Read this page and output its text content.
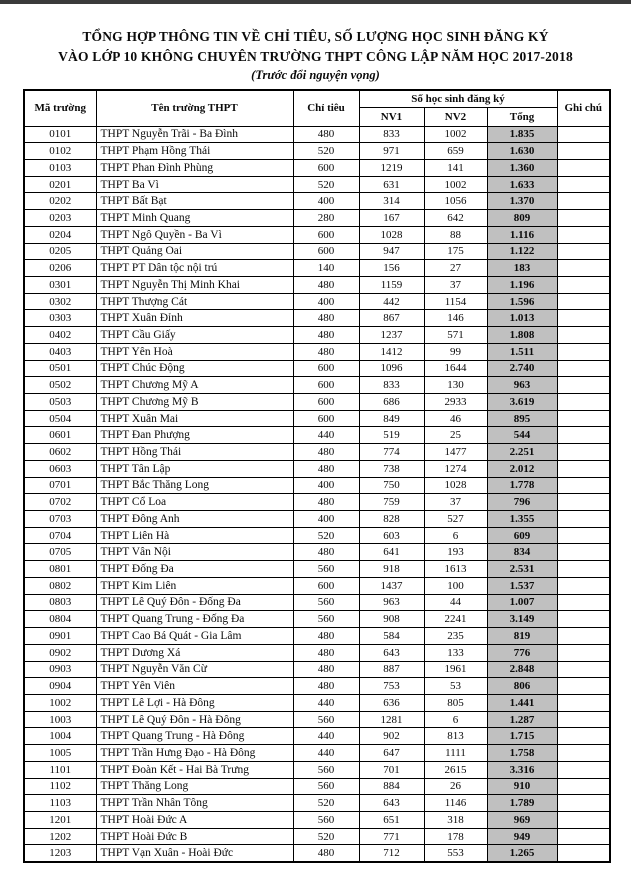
TỔNG HỢP THÔNG TIN VỀ CHỈ TIÊU, SỐ LƯỢNG HỌC SINH ĐĂNG KÝ
VÀO LỚP 10 KHÔNG CHUYÊN TRƯỜNG THPT CÔNG LẬP NĂM HỌC 2017-2018
(Trước đổi nguyện vọng)
Mã trường	Tên trường THPT	Chỉ tiêu	Số học sinh đăng ký			Ghi chú
			NV1	NV2	Tổng	
0101	THPT Nguyễn Trãi - Ba Đình	480	833	1002	1.835	
0102	THPT Phạm Hồng Thái	520	971	659	1.630	
0103	THPT Phan Đình Phùng	600	1219	141	1.360	
0201	THPT Ba Vì	520	631	1002	1.633	
0202	THPT Bất Bạt	400	314	1056	1.370	
0203	THPT Minh Quang	280	167	642	809	
0204	THPT Ngô Quyền - Ba Vì	600	1028	88	1.116	
0205	THPT Quảng Oai	600	947	175	1.122	
0206	THPT PT Dân tộc nội trú	140	156	27	183	
0301	THPT Nguyễn Thị Minh Khai	480	1159	37	1.196	
0302	THPT Thượng Cát	400	442	1154	1.596	
0303	THPT Xuân Đỉnh	480	867	146	1.013	
0402	THPT Cầu Giấy	480	1237	571	1.808	
0403	THPT Yên Hoà	480	1412	99	1.511	
0501	THPT Chúc Động	600	1096	1644	2.740	
0502	THPT Chương Mỹ A	600	833	130	963	
0503	THPT Chương Mỹ B	600	686	2933	3.619	
0504	THPT Xuân Mai	600	849	46	895	
0601	THPT Đan Phượng	440	519	25	544	
0602	THPT Hồng Thái	480	774	1477	2.251	
0603	THPT Tân Lập	480	738	1274	2.012	
0701	THPT Bắc Thăng Long	400	750	1028	1.778	
0702	THPT Cổ Loa	480	759	37	796	
0703	THPT Đông Anh	400	828	527	1.355	
0704	THPT Liên Hà	520	603	6	609	
0705	THPT Vân Nội	480	641	193	834	
0801	THPT Đống Đa	560	918	1613	2.531	
0802	THPT Kim Liên	600	1437	100	1.537	
0803	THPT Lê Quý Đôn - Đống Đa	560	963	44	1.007	
0804	THPT Quang Trung - Đống Đa	560	908	2241	3.149	
0901	THPT Cao Bá Quát - Gia Lâm	480	584	235	819	
0902	THPT Dương Xá	480	643	133	776	
0903	THPT Nguyễn Văn Cừ	480	887	1961	2.848	
0904	THPT Yên Viên	480	753	53	806	
1002	THPT Lê Lợi - Hà Đông	440	636	805	1.441	
1003	THPT Lê Quý Đôn - Hà Đông	560	1281	6	1.287	
1004	THPT Quang Trung - Hà Đông	440	902	813	1.715	
1005	THPT Trần Hưng Đạo - Hà Đông	440	647	1111	1.758	
1101	THPT Đoàn Kết - Hai Bà Trưng	560	701	2615	3.316	
1102	THPT Thăng Long	560	884	26	910	
1103	THPT Trần Nhân Tông	520	643	1146	1.789	
1201	THPT Hoài Đức A	560	651	318	969	
1202	THPT Hoài Đức B	520	771	178	949	
1203	THPT Vạn Xuân - Hoài Đức	480	712	553	1.265	
